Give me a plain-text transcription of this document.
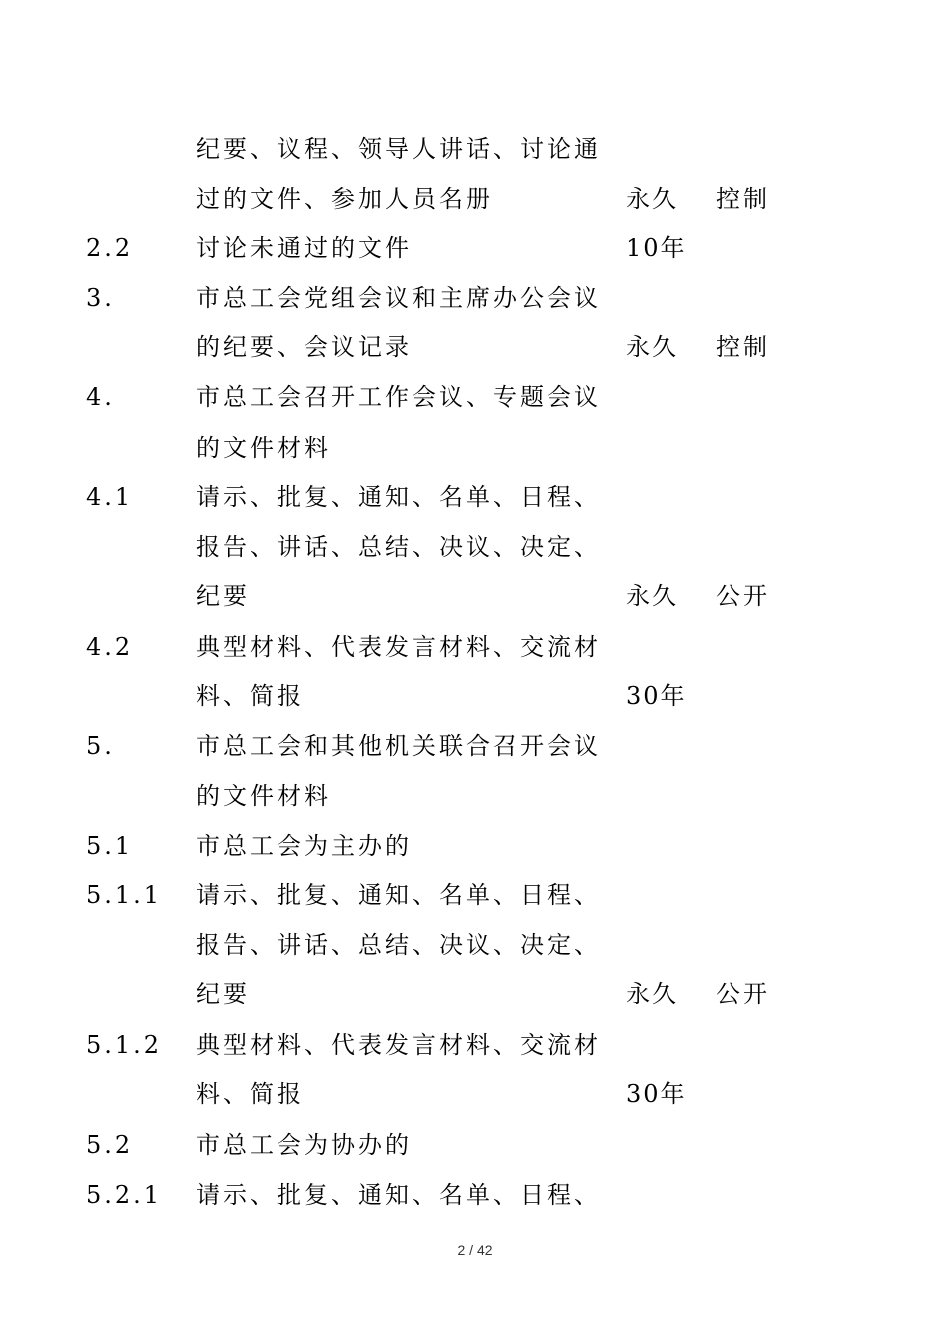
纪要、议程、领导人讲话、讨论通
过的文件、参加人员名册	永久 控制
2.2	讨论未通过的文件	10年
3.	市总工会党组会议和主席办公会议
的纪要、会议记录	永久 控制
4.	市总工会召开工作会议、专题会议
的文件材料
4.1	请示、批复、通知、名单、日程、
报告、讲话、总结、决议、决定、
纪要	永久 公开
4.2	典型材料、代表发言材料、交流材
料、简报	30年
5.	市总工会和其他机关联合召开会议
的文件材料
5.1	市总工会为主办的
5.1.1 请示、批复、通知、名单、日程、
报告、讲话、总结、决议、决定、
纪要	永久 公开
5.1.2 典型材料、代表发言材料、交流材
料、简报	30年
5.2	市总工会为协办的
5.2.1 请示、批复、通知、名单、日程、
2 / 42
